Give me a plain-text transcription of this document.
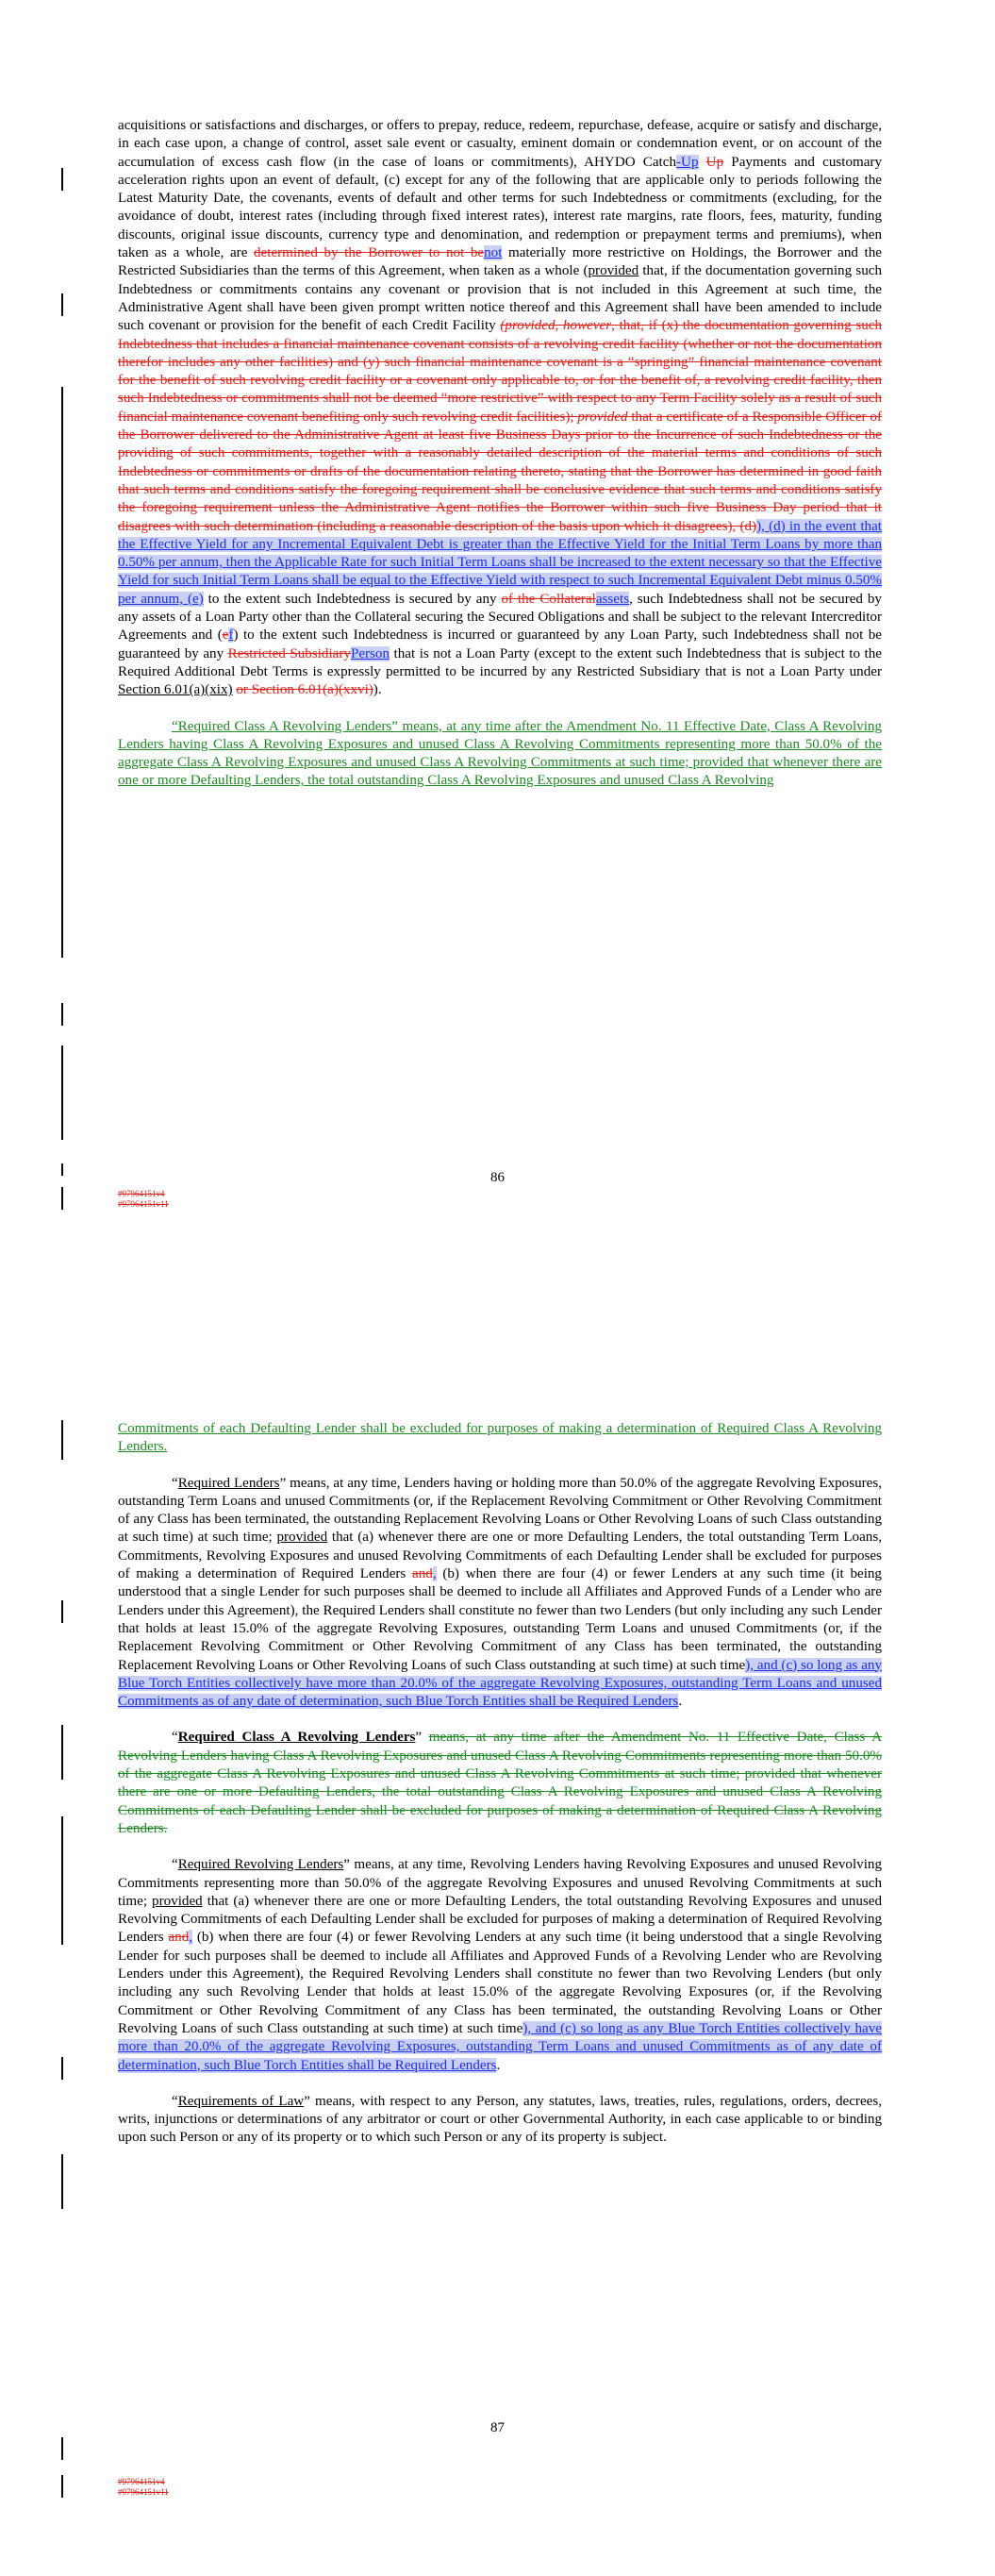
acquisitions or satisfactions and discharges, or offers to prepay, reduce, redeem, repurchase, defease, acquire or satisfy and discharge, in each case upon, a change of control, asset sale event or casualty, eminent domain or condemnation event, or on account of the accumulation of excess cash flow (in the case of loans or commitments), AHYDO Catch-Up Up Payments and customary acceleration rights upon an event of default, (c) except for any of the following that are applicable only to periods following the Latest Maturity Date, the covenants, events of default and other terms for such Indebtedness or commitments (excluding, for the avoidance of doubt, interest rates (including through fixed interest rates), interest rate margins, rate floors, fees, maturity, funding discounts, original issue discounts, currency type and denomination, and redemption or prepayment terms and premiums), when taken as a whole, are determined by the Borrower to not benot materially more restrictive on Holdings, the Borrower and the Restricted Subsidiaries than the terms of this Agreement, when taken as a whole (provided that, if the documentation governing such Indebtedness or commitments contains any covenant or provision that is not included in this Agreement at such time, the Administrative Agent shall have been given prompt written notice thereof and this Agreement shall have been amended to include such covenant or provision for the benefit of each Credit Facility (provided, however, that, if (x) the documentation governing such Indebtedness that includes a financial maintenance covenant consists of a revolving credit facility (whether or not the documentation therefor includes any other facilities) and (y) such financial maintenance covenant is a “springing” financial maintenance covenant for the benefit of such revolving credit facility or a covenant only applicable to, or for the benefit of, a revolving credit facility, then such Indebtedness or commitments shall not be deemed “more restrictive” with respect to any Term Facility solely as a result of such financial maintenance covenant benefiting only such revolving credit facilities); provided that a certificate of a Responsible Officer of the Borrower delivered to the Administrative Agent at least five Business Days prior to the Incurrence of such Indebtedness or the providing of such commitments, together with a reasonably detailed description of the material terms and conditions of such Indebtedness or commitments or drafts of the documentation relating thereto, stating that the Borrower has determined in good faith that such terms and conditions satisfy the foregoing requirement shall be conclusive evidence that such terms and conditions satisfy the foregoing requirement unless the Administrative Agent notifies the Borrower within such five Business Day period that it disagrees with such determination (including a reasonable description of the basis upon which it disagrees), (d)), (d) in the event that the Effective Yield for any Incremental Equivalent Debt is greater than the Effective Yield for the Initial Term Loans by more than 0.50% per annum, then the Applicable Rate for such Initial Term Loans shall be increased to the extent necessary so that the Effective Yield for such Initial Term Loans shall be equal to the Effective Yield with respect to such Incremental Equivalent Debt minus 0.50% per annum, (e) to the extent such Indebtedness is secured by any of the Collateralassets, such Indebtedness shall not be secured by any assets of a Loan Party other than the Collateral securing the Secured Obligations and shall be subject to the relevant Intercreditor Agreements and (ef) to the extent such Indebtedness is incurred or guaranteed by any Loan Party, such Indebtedness shall not be guaranteed by any Restricted SubsidiaryPerson that is not a Loan Party (except to the extent such Indebtedness that is subject to the Required Additional Debt Terms is expressly permitted to be incurred by any Restricted Subsidiary that is not a Loan Party under Section 6.01(a)(xix) or Section 6.01(a)(xxvi)).

“Required Class A Revolving Lenders” means, at any time after the Amendment No. 11 Effective Date, Class A Revolving Lenders having Class A Revolving Exposures and unused Class A Revolving Commitments representing more than 50.0% of the aggregate Class A Revolving Exposures and unused Class A Revolving Commitments at such time; provided that whenever there are one or more Defaulting Lenders, the total outstanding Class A Revolving Exposures and unused Class A Revolving

86
#97964151v4
#97964151v11

Commitments of each Defaulting Lender shall be excluded for purposes of making a determination of Required Class A Revolving Lenders.

“Required Lenders” means, at any time, Lenders having or holding more than 50.0% of the aggregate Revolving Exposures, outstanding Term Loans and unused Commitments (or, if the Replacement Revolving Commitment or Other Revolving Commitment of any Class has been terminated, the outstanding Replacement Revolving Loans or Other Revolving Loans of such Class outstanding at such time) at such time; provided that (a) whenever there are one or more Defaulting Lenders, the total outstanding Term Loans, Commitments, Revolving Exposures and unused Revolving Commitments of each Defaulting Lender shall be excluded for purposes of making a determination of Required Lenders and, (b) when there are four (4) or fewer Lenders at any such time (it being understood that a single Lender for such purposes shall be deemed to include all Affiliates and Approved Funds of a Lender who are Lenders under this Agreement), the Required Lenders shall constitute no fewer than two Lenders (but only including any such Lender that holds at least 15.0% of the aggregate Revolving Exposures, outstanding Term Loans and unused Commitments (or, if the Replacement Revolving Commitment or Other Revolving Commitment of any Class has been terminated, the outstanding Replacement Revolving Loans or Other Revolving Loans of such Class outstanding at such time) at such time), and (c) so long as any Blue Torch Entities collectively have more than 20.0% of the aggregate Revolving Exposures, outstanding Term Loans and unused Commitments as of any date of determination, such Blue Torch Entities shall be Required Lenders.

“Required Class A Revolving Lenders” means, at any time after the Amendment No. 11 Effective Date, Class A Revolving Lenders having Class A Revolving Exposures and unused Class A Revolving Commitments representing more than 50.0% of the aggregate Class A Revolving Exposures and unused Class A Revolving Commitments at such time; provided that whenever there are one or more Defaulting Lenders, the total outstanding Class A Revolving Exposures and unused Class A Revolving Commitments of each Defaulting Lender shall be excluded for purposes of making a determination of Required Class A Revolving Lenders.

“Required Revolving Lenders” means, at any time, Revolving Lenders having Revolving Exposures and unused Revolving Commitments representing more than 50.0% of the aggregate Revolving Exposures and unused Revolving Commitments at such time; provided that (a) whenever there are one or more Defaulting Lenders, the total outstanding Revolving Exposures and unused Revolving Commitments of each Defaulting Lender shall be excluded for purposes of making a determination of Required Revolving Lenders and, (b) when there are four (4) or fewer Revolving Lenders at any such time (it being understood that a single Revolving Lender for such purposes shall be deemed to include all Affiliates and Approved Funds of a Revolving Lender who are Revolving Lenders under this Agreement), the Required Revolving Lenders shall constitute no fewer than two Revolving Lenders (but only including any such Revolving Lender that holds at least 15.0% of the aggregate Revolving Exposures (or, if the Revolving Commitment or Other Revolving Commitment of any Class has been terminated, the outstanding Revolving Loans or Other Revolving Loans of such Class outstanding at such time) at such time), and (c) so long as any Blue Torch Entities collectively have more than 20.0% of the aggregate Revolving Exposures, outstanding Term Loans and unused Commitments as of any date of determination, such Blue Torch Entities shall be Required Lenders.

“Requirements of Law” means, with respect to any Person, any statutes, laws, treaties, rules, regulations, orders, decrees, writs, injunctions or determinations of any arbitrator or court or other Governmental Authority, in each case applicable to or binding upon such Person or any of its property or to which such Person or any of its property is subject.

87
#97964151v4
#97964151v11
